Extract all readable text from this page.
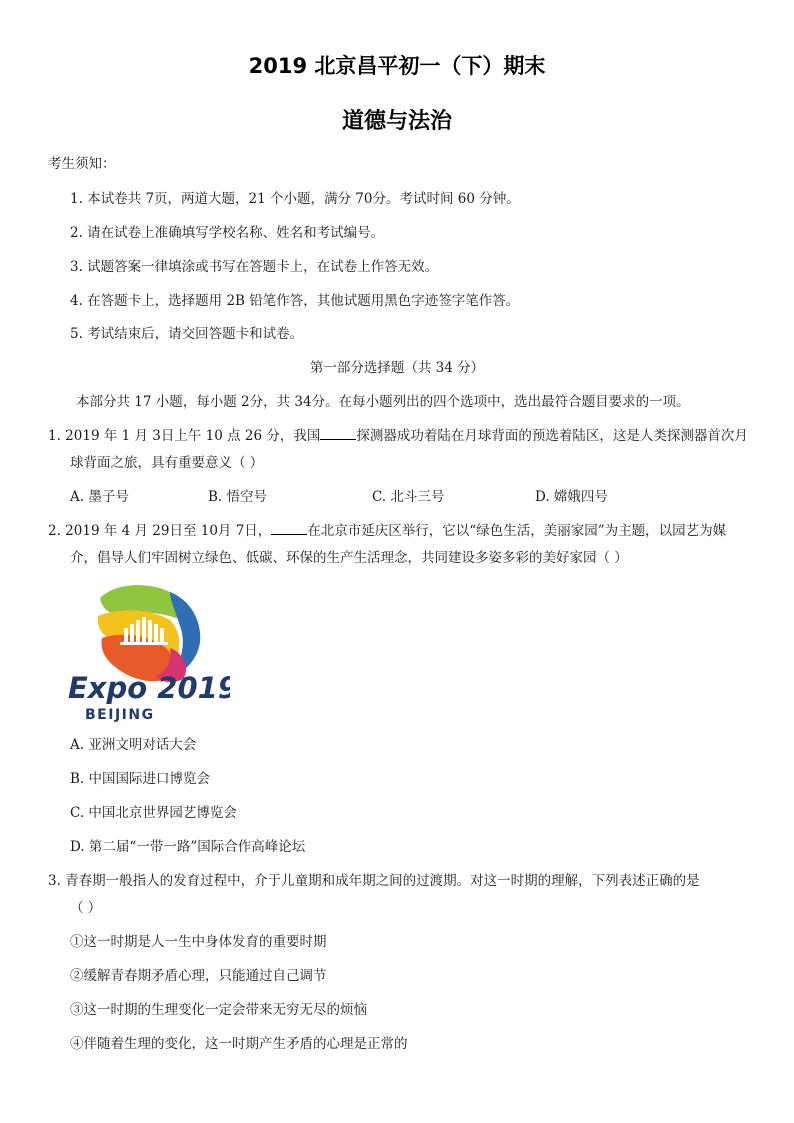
2019 北京昌平初一（下）期末
道德与法治
考生须知：
1. 本试卷共 7页，两道大题，21 个小题，满分 70分。考试时间 60 分钟。
2. 请在试卷上准确填写学校名称、姓名和考试编号。
3. 试题答案一律填涂或书写在答题卡上，在试卷上作答无效。
4. 在答题卡上，选择题用 2B 铅笔作答，其他试题用黑色字迹签字笔作答。
5. 考试结束后，请交回答题卡和试卷。
第一部分选择题（共 34 分）
本部分共 17 小题，每小题 2分，共 34分。在每小题列出的四个选项中，选出最符合题目要求的一项。
1. 2019 年 1 月 3日上午 10 点 26 分，我国	探测器成功着陆在月球背面的预选着陆区，这是人类探测器首次月
球背面之旅，具有重要意义（ ）
A. 墨子号	B. 悟空号	C. 北斗三号	D. 嫦娥四号
2. 2019 年 4 月 29日至 10月 7日，	在北京市延庆区举行，它以“绿色生活，美丽家园”为主题，以园艺为媒
介，倡导人们牢固树立绿色、低碳、环保的生产生活理念，共同建设多姿多彩的美好家园（ ）
Expo 2019
BEIJING
A. 亚洲文明对话大会
B. 中国国际进口博览会
C. 中国北京世界园艺博览会
D. 第二届“一带一路”国际合作高峰论坛
3. 青春期一般指人的发育过程中，介于儿童期和成年期之间的过渡期。对这一时期的理解，下列表述正确的是
（ ）
①这一时期是人一生中身体发育的重要时期
②缓解青春期矛盾心理，只能通过自己调节
③这一时期的生理变化一定会带来无穷无尽的烦恼
④伴随着生理的变化，这一时期产生矛盾的心理是正常的
